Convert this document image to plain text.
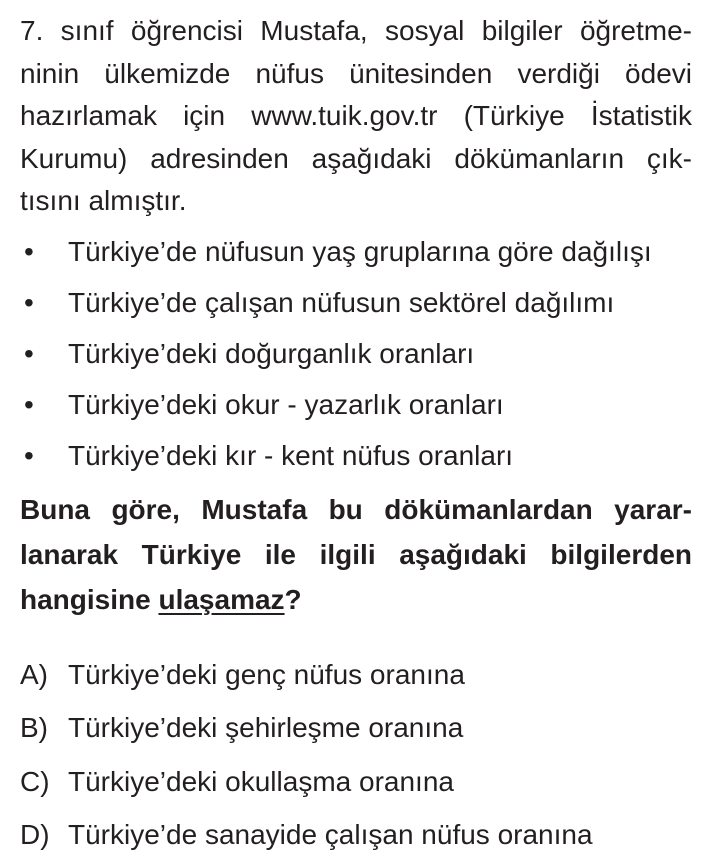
7. sınıf öğrencisi Mustafa, sosyal bilgiler öğretme-
ninin ülkemizde nüfus ünitesinden verdiği ödevi
hazırlamak için www.tuik.gov.tr (Türkiye İstatistik
Kurumu) adresinden aşağıdaki dökümanların çık-
tısını almıştır.

• Türkiye’de nüfusun yaş gruplarına göre dağılışı
• Türkiye’de çalışan nüfusun sektörel dağılımı
• Türkiye’deki doğurganlık oranları
• Türkiye’deki okur - yazarlık oranları
• Türkiye’deki kır - kent nüfus oranları

Buna göre, Mustafa bu dökümanlardan yarar-
lanarak Türkiye ile ilgili aşağıdaki bilgilerden
hangisine ulaşamaz?

A) Türkiye’deki genç nüfus oranına
B) Türkiye’deki şehirleşme oranına
C) Türkiye’deki okullaşma oranına
D) Türkiye’de sanayide çalışan nüfus oranına
